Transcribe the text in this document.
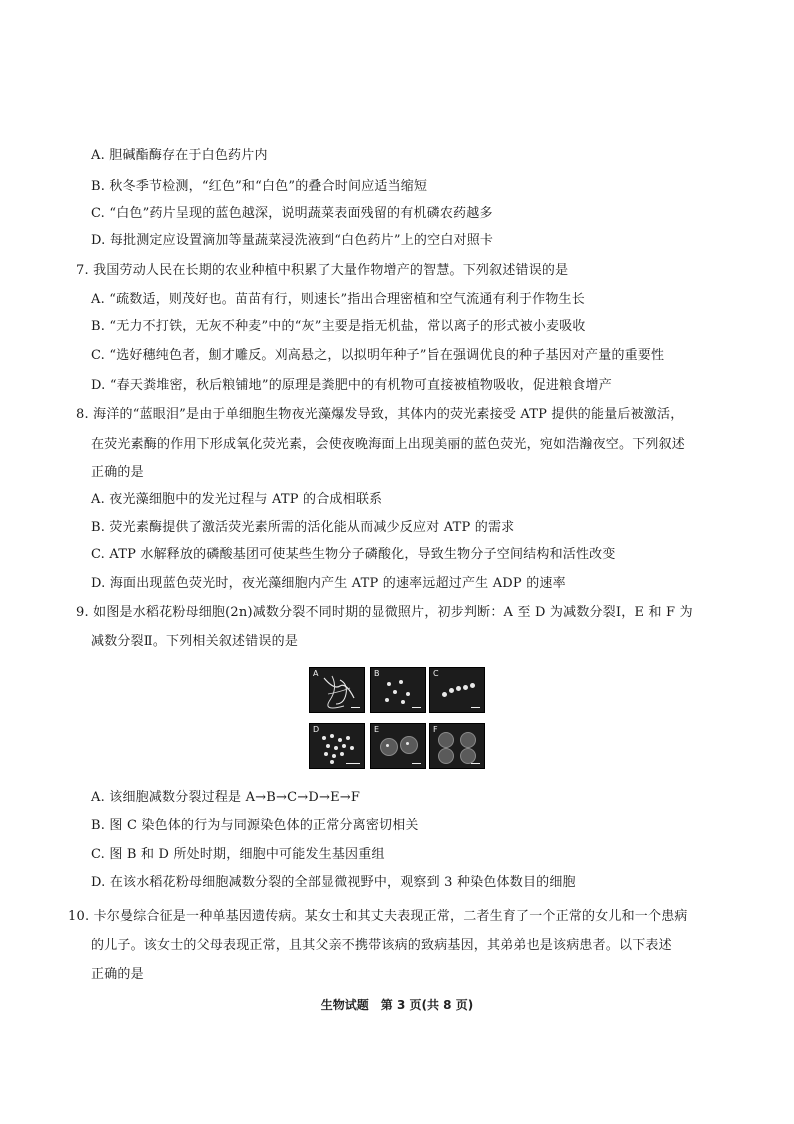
A. 胆碱酯酶存在于白色药片内
B. 秋冬季节检测，“红色”和“白色”的叠合时间应适当缩短
C. “白色”药片呈现的蓝色越深，说明蔬菜表面残留的有机磷农药越多
D. 每批测定应设置滴加等量蔬菜浸洗液到“白色药片”上的空白对照卡
7. 我国劳动人民在长期的农业种植中积累了大量作物增产的智慧。下列叙述错误的是
A. “疏数适，则茂好也。苗苗有行，则速长”指出合理密植和空气流通有利于作物生长
B. “无力不打铁，无灰不种麦”中的“灰”主要是指无机盐，常以离子的形式被小麦吸收
C. “选好穗纯色者，劁才雕反。刈高悬之，以拟明年种子”旨在强调优良的种子基因对产量的重要性
D. “春天粪堆密，秋后粮铺地”的原理是粪肥中的有机物可直接被植物吸收，促进粮食增产
8. 海洋的“蓝眼泪”是由于单细胞生物夜光藻爆发导致，其体内的荧光素接受 ATP 提供的能量后被激活，
在荧光素酶的作用下形成氧化荧光素，会使夜晚海面上出现美丽的蓝色荧光，宛如浩瀚夜空。下列叙述
正确的是
A. 夜光藻细胞中的发光过程与 ATP 的合成相联系
B. 荧光素酶提供了激活荧光素所需的活化能从而减少反应对 ATP 的需求
C. ATP 水解释放的磷酸基团可使某些生物分子磷酸化，导致生物分子空间结构和活性改变
D. 海面出现蓝色荧光时，夜光藻细胞内产生 ATP 的速率远超过产生 ADP 的速率
9. 如图是水稻花粉母细胞(2n)减数分裂不同时期的显微照片，初步判断：A 至 D 为减数分裂Ⅰ，E 和 F 为
减数分裂Ⅱ。下列相关叙述错误的是
A	B	C
D	E	F
A. 该细胞减数分裂过程是 A→B→C→D→E→F
B. 图 C 染色体的行为与同源染色体的正常分离密切相关
C. 图 B 和 D 所处时期，细胞中可能发生基因重组
D. 在该水稻花粉母细胞减数分裂的全部显微视野中，观察到 3 种染色体数目的细胞
10. 卡尔曼综合征是一种单基因遗传病。某女士和其丈夫表现正常，二者生育了一个正常的女儿和一个患病
的儿子。该女士的父母表现正常，且其父亲不携带该病的致病基因，其弟弟也是该病患者。以下表述
正确的是
生物试题　第 3 页(共 8 页)
